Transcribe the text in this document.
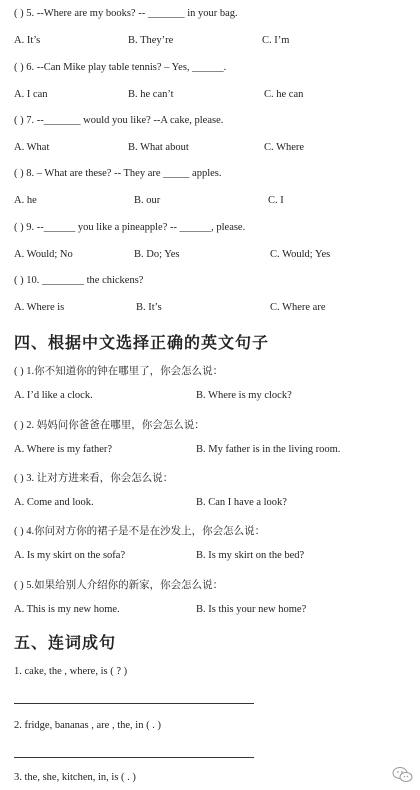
( ) 5. --Where are my books? -- _______ in your bag.
A. It’s	B. They’re	C. I’m
( ) 6. --Can Mike play table tennis? – Yes, ______.
A. I can	B. he can’t	C. he can
( ) 7. --_______ would you like? --A cake, please.
A. What	B. What about	C. Where
( ) 8. – What are these? -- They are _____ apples.
A. he	B. our	C. I
( ) 9. --______ you like a pineapple? -- ______, please.
A. Would; No	B. Do; Yes	C. Would; Yes
( ) 10. ________ the chickens?
A. Where is	B. It’s	C. Where are
四、根据中文选择正确的英文句子
( ) 1.你不知道你的钟在哪里了，你会怎么说：
A. I’d like a clock.	B. Where is my clock?
( ) 2. 妈妈问你爸爸在哪里，你会怎么说：
A. Where is my father?	B. My father is in the living room.
( ) 3. 让对方进来看，你会怎么说：
A. Come and look.	B. Can I have a look?
( ) 4.你问对方你的裙子是不是在沙发上，你会怎么说：
A. Is my skirt on the sofa?	B. Is my skirt on the bed?
( ) 5.如果给别人介绍你的新家，你会怎么说：
A. This is my new home.	B. Is this your new home?
五、连词成句
1. cake, the , where, is ( ? )
2. fridge, bananas , are , the, in ( . )
3. the, she, kitchen, in, is ( . )
